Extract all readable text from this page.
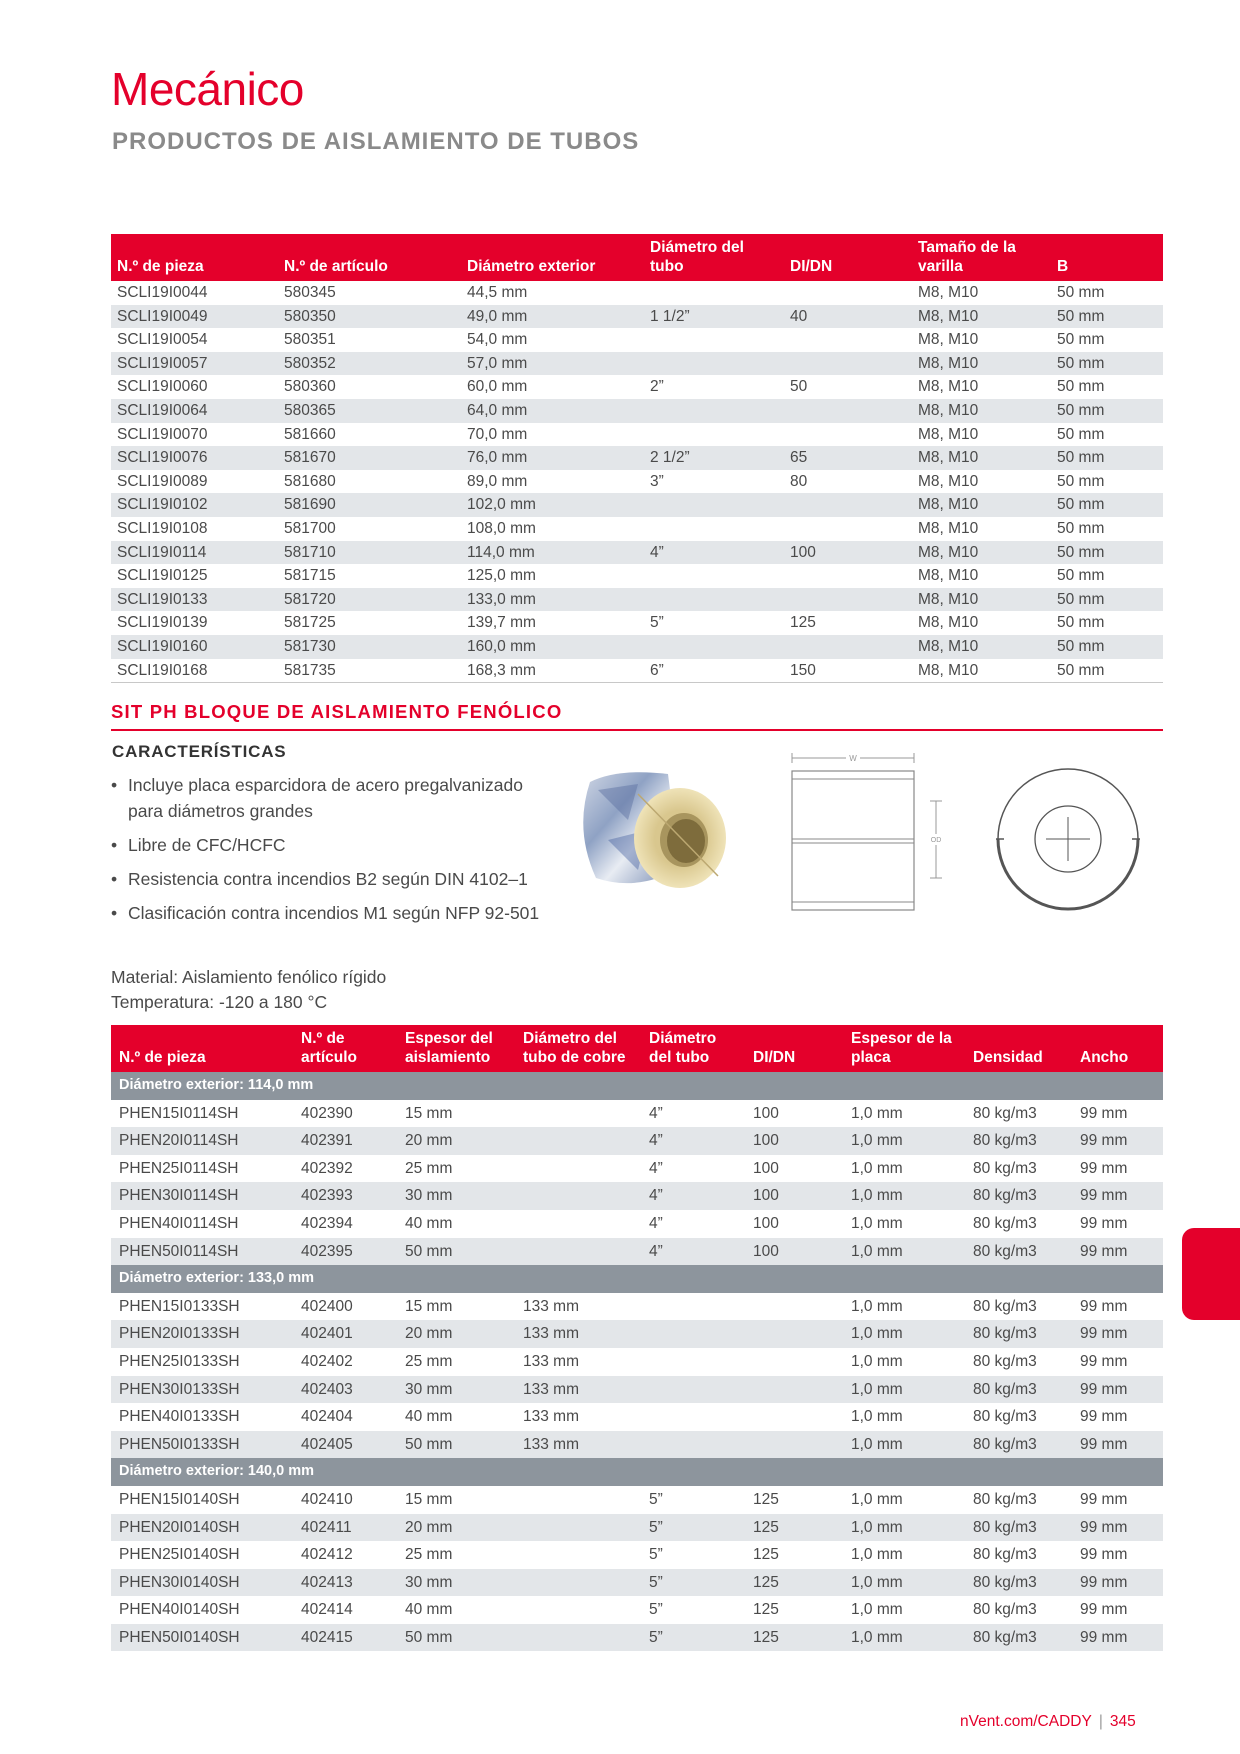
Mecánico
PRODUCTOS DE AISLAMIENTO DE TUBOS
N.º de pieza	N.º de artículo	Diámetro exterior	Diámetro del tubo	DI/DN	Tamaño de la varilla	B
SCLI19I0044	580345	44,5 mm			M8, M10	50 mm
SCLI19I0049	580350	49,0 mm	1 1/2”	40	M8, M10	50 mm
SCLI19I0054	580351	54,0 mm			M8, M10	50 mm
SCLI19I0057	580352	57,0 mm			M8, M10	50 mm
SCLI19I0060	580360	60,0 mm	2”	50	M8, M10	50 mm
SCLI19I0064	580365	64,0 mm			M8, M10	50 mm
SCLI19I0070	581660	70,0 mm			M8, M10	50 mm
SCLI19I0076	581670	76,0 mm	2 1/2”	65	M8, M10	50 mm
SCLI19I0089	581680	89,0 mm	3”	80	M8, M10	50 mm
SCLI19I0102	581690	102,0 mm			M8, M10	50 mm
SCLI19I0108	581700	108,0 mm			M8, M10	50 mm
SCLI19I0114	581710	114,0 mm	4”	100	M8, M10	50 mm
SCLI19I0125	581715	125,0 mm			M8, M10	50 mm
SCLI19I0133	581720	133,0 mm			M8, M10	50 mm
SCLI19I0139	581725	139,7 mm	5”	125	M8, M10	50 mm
SCLI19I0160	581730	160,0 mm			M8, M10	50 mm
SCLI19I0168	581735	168,3 mm	6”	150	M8, M10	50 mm
SIT PH BLOQUE DE AISLAMIENTO FENÓLICO
CARACTERÍSTICAS
• Incluye placa esparcidora de acero pregalvanizado para diámetros grandes
• Libre de CFC/HCFC
• Resistencia contra incendios B2 según DIN 4102–1
• Clasificación contra incendios M1 según NFP 92-501
Material: Aislamiento fenólico rígido
Temperatura: -120 a 180 °C
W
OD
N.º de pieza	N.º de artículo	Espesor del aislamiento	Diámetro del tubo de cobre	Diámetro del tubo	DI/DN	Espesor de la placa	Densidad	Ancho
Diámetro exterior: 114,0 mm								
PHEN15I0114SH	402390	15 mm		4”	100	1,0 mm	80 kg/m3	99 mm
PHEN20I0114SH	402391	20 mm		4”	100	1,0 mm	80 kg/m3	99 mm
PHEN25I0114SH	402392	25 mm		4”	100	1,0 mm	80 kg/m3	99 mm
PHEN30I0114SH	402393	30 mm		4”	100	1,0 mm	80 kg/m3	99 mm
PHEN40I0114SH	402394	40 mm		4”	100	1,0 mm	80 kg/m3	99 mm
PHEN50I0114SH	402395	50 mm		4”	100	1,0 mm	80 kg/m3	99 mm
Diámetro exterior: 133,0 mm								
PHEN15I0133SH	402400	15 mm	133 mm			1,0 mm	80 kg/m3	99 mm
PHEN20I0133SH	402401	20 mm	133 mm			1,0 mm	80 kg/m3	99 mm
PHEN25I0133SH	402402	25 mm	133 mm			1,0 mm	80 kg/m3	99 mm
PHEN30I0133SH	402403	30 mm	133 mm			1,0 mm	80 kg/m3	99 mm
PHEN40I0133SH	402404	40 mm	133 mm			1,0 mm	80 kg/m3	99 mm
PHEN50I0133SH	402405	50 mm	133 mm			1,0 mm	80 kg/m3	99 mm
Diámetro exterior: 140,0 mm								
PHEN15I0140SH	402410	15 mm		5”	125	1,0 mm	80 kg/m3	99 mm
PHEN20I0140SH	402411	20 mm		5”	125	1,0 mm	80 kg/m3	99 mm
PHEN25I0140SH	402412	25 mm		5”	125	1,0 mm	80 kg/m3	99 mm
PHEN30I0140SH	402413	30 mm		5”	125	1,0 mm	80 kg/m3	99 mm
PHEN40I0140SH	402414	40 mm		5”	125	1,0 mm	80 kg/m3	99 mm
PHEN50I0140SH	402415	50 mm		5”	125	1,0 mm	80 kg/m3	99 mm
nVent.com/CADDY | 345
